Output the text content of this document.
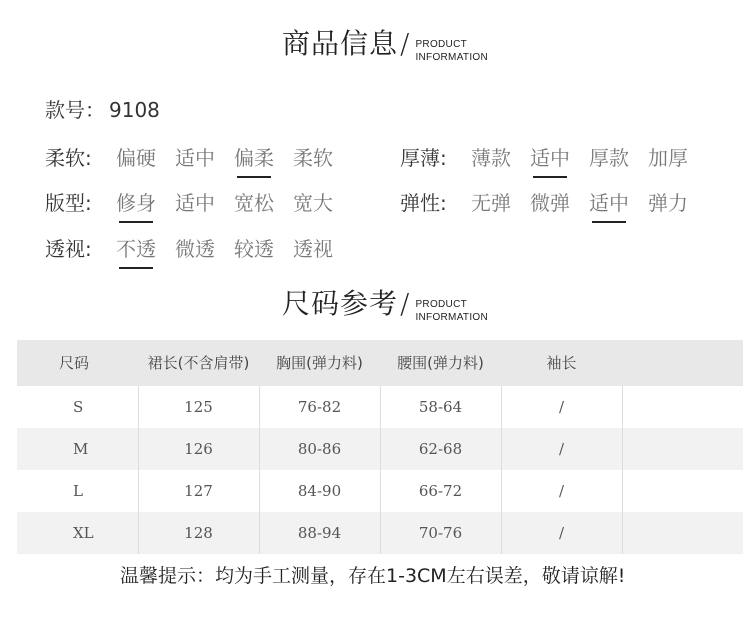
商品信息 / PRODUCT
INFORMATION
款号： 9108
柔软:	偏硬 适中 偏柔 柔软	厚薄:	薄款 适中 厚款 加厚
版型:	修身 适中 宽松 宽大	弹性:	无弹 微弹 适中 弹力
透视:	不透 微透 较透 透视
尺码参考 / PRODUCT
INFORMATION
尺码	裙长(不含肩带)	胸围(弹力料)	腰围(弹力料)	袖长	
S	125	76-82	58-64	/	
M	126	80-86	62-68	/	
L	127	84-90	66-72	/	
XL	128	88-94	70-76	/	
温馨提示：均为手工测量，存在1-3CM左右误差，敬请谅解!
